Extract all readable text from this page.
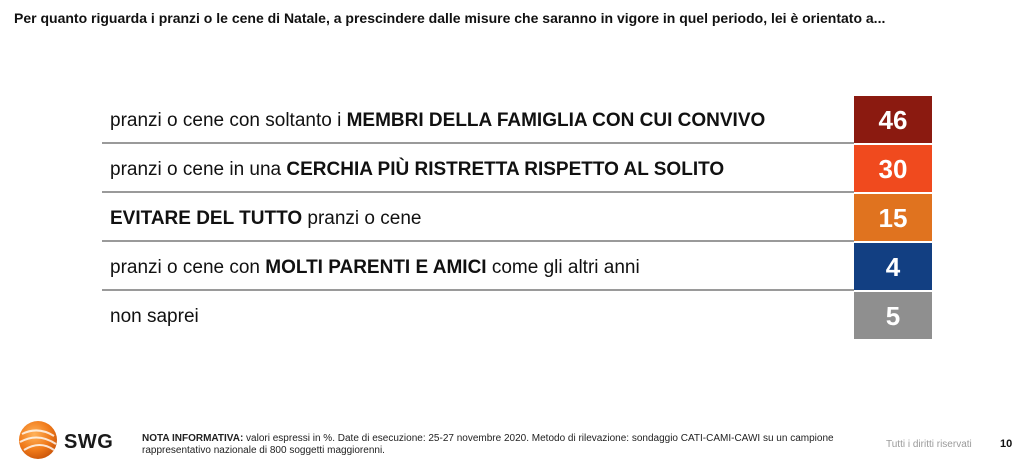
Per quanto riguarda i pranzi o le cene di Natale, a prescindere dalle misure che saranno in vigore in quel periodo, lei è orientato a...
pranzi o cene con soltanto i MEMBRI DELLA FAMIGLIA CON CUI CONVIVO	46
pranzi o cene in una CERCHIA PIÙ RISTRETTA RISPETTO AL SOLITO	30
EVITARE DEL TUTTO pranzi o cene	15
pranzi o cene con MOLTI PARENTI E AMICI come gli altri anni	4
non saprei	5
SWG	NOTA INFORMATIVA: valori espressi in %. Date di esecuzione: 25-27 novembre 2020. Metodo di rilevazione: sondaggio CATI-CAMI-CAWI su un campione rappresentativo nazionale di 800 soggetti maggiorenni.
Tutti i diritti riservati	10
